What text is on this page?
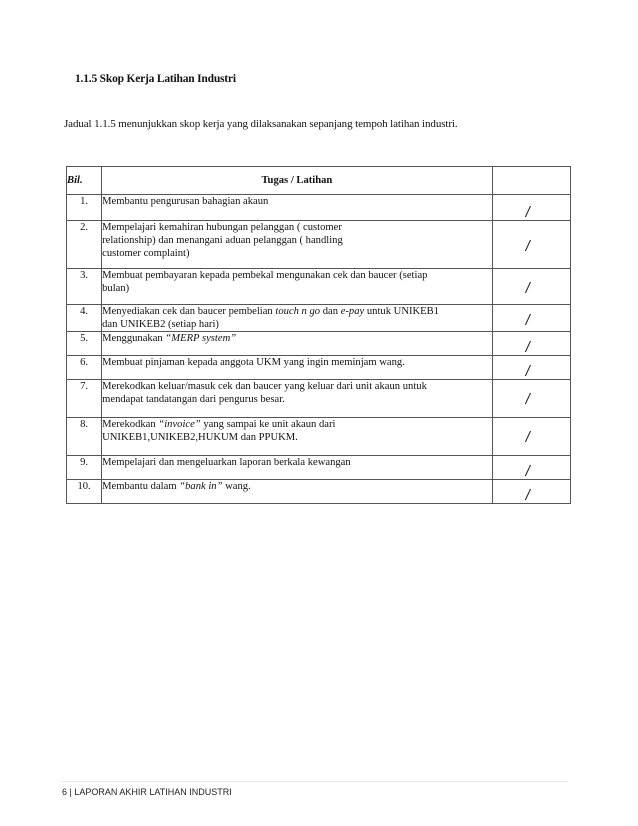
1.1.5 Skop Kerja Latihan Industri
Jadual 1.1.5 menunjukkan skop kerja yang dilaksanakan sepanjang tempoh latihan industri.
Bil.	Tugas / Latihan	
1.	Membantu pengurusan bahagian akaun	/

2.	Mempelajari kemahiran hubungan pelanggan ( customer
relationship) dan menangani aduan pelanggan ( handling
customer complaint)	/

3.	Membuat pembayaran kepada pembekal mengunakan cek dan baucer (setiap
bulan)	/

4.	Menyediakan cek dan baucer pembelian touch n go dan e-pay untuk UNIKEB1
dan UNIKEB2 (setiap hari)	/

5.	Menggunakan “MERP system”	/

6.	Membuat pinjaman kepada anggota UKM yang ingin meminjam wang.	/

7.	Merekodkan keluar/masuk cek dan baucer yang keluar dari unit akaun untuk
mendapat tandatangan dari pengurus besar.	/

8.	Merekodkan “invoice” yang sampai ke unit akaun dari
UNIKEB1,UNIKEB2,HUKUM dan PPUKM.	/

9.	Mempelajari dan mengeluarkan laporan berkala kewangan	/

10.	Membantu dalam “bank in” wang.	/
6 | LAPORAN AKHIR LATIHAN INDUSTRI
